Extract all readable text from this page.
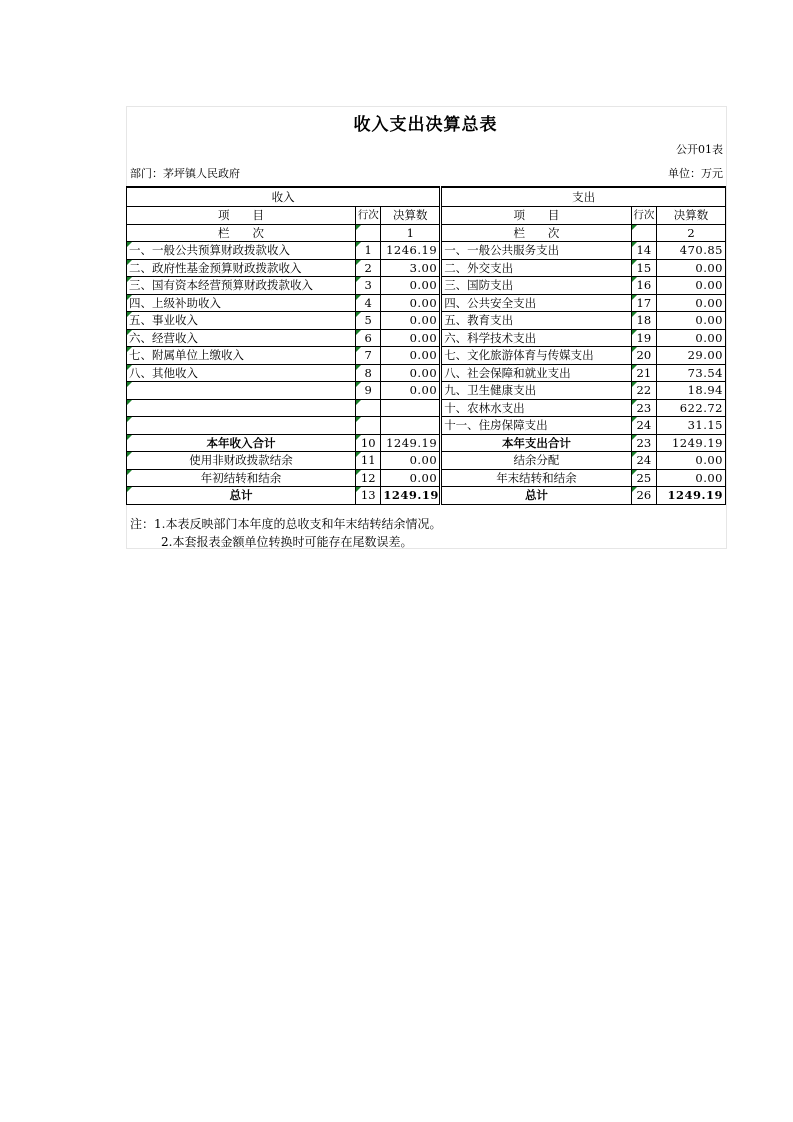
收入支出决算总表
公开01表
部门：茅坪镇人民政府	单位：万元
收入				支出		
项　　目	行次	决算数		项　　目	行次	决算数
栏　　次		1		栏　　次		2
一、一般公共预算财政拨款收入	1	1246.19		一、一般公共服务支出	14	470.85
二、政府性基金预算财政拨款收入	2	3.00		二、外交支出	15	0.00
三、国有资本经营预算财政拨款收入	3	0.00		三、国防支出	16	0.00
四、上级补助收入	4	0.00		四、公共安全支出	17	0.00
五、事业收入	5	0.00		五、教育支出	18	0.00
六、经营收入	6	0.00		六、科学技术支出	19	0.00
七、附属单位上缴收入	7	0.00		七、文化旅游体育与传媒支出	20	29.00
八、其他收入	8	0.00		八、社会保障和就业支出	21	73.54
	9	0.00		九、卫生健康支出	22	18.94
				十、农林水支出	23	622.72
				十一、住房保障支出	24	31.15
本年收入合计	10	1249.19		本年支出合计	23	1249.19
使用非财政拨款结余	11	0.00		结余分配	24	0.00
年初结转和结余	12	0.00		年末结转和结余	25	0.00
总计	13	1249.19		总计	26	1249.19
注：1.本表反映部门本年度的总收支和年末结转结余情况。
2.本套报表金额单位转换时可能存在尾数误差。
